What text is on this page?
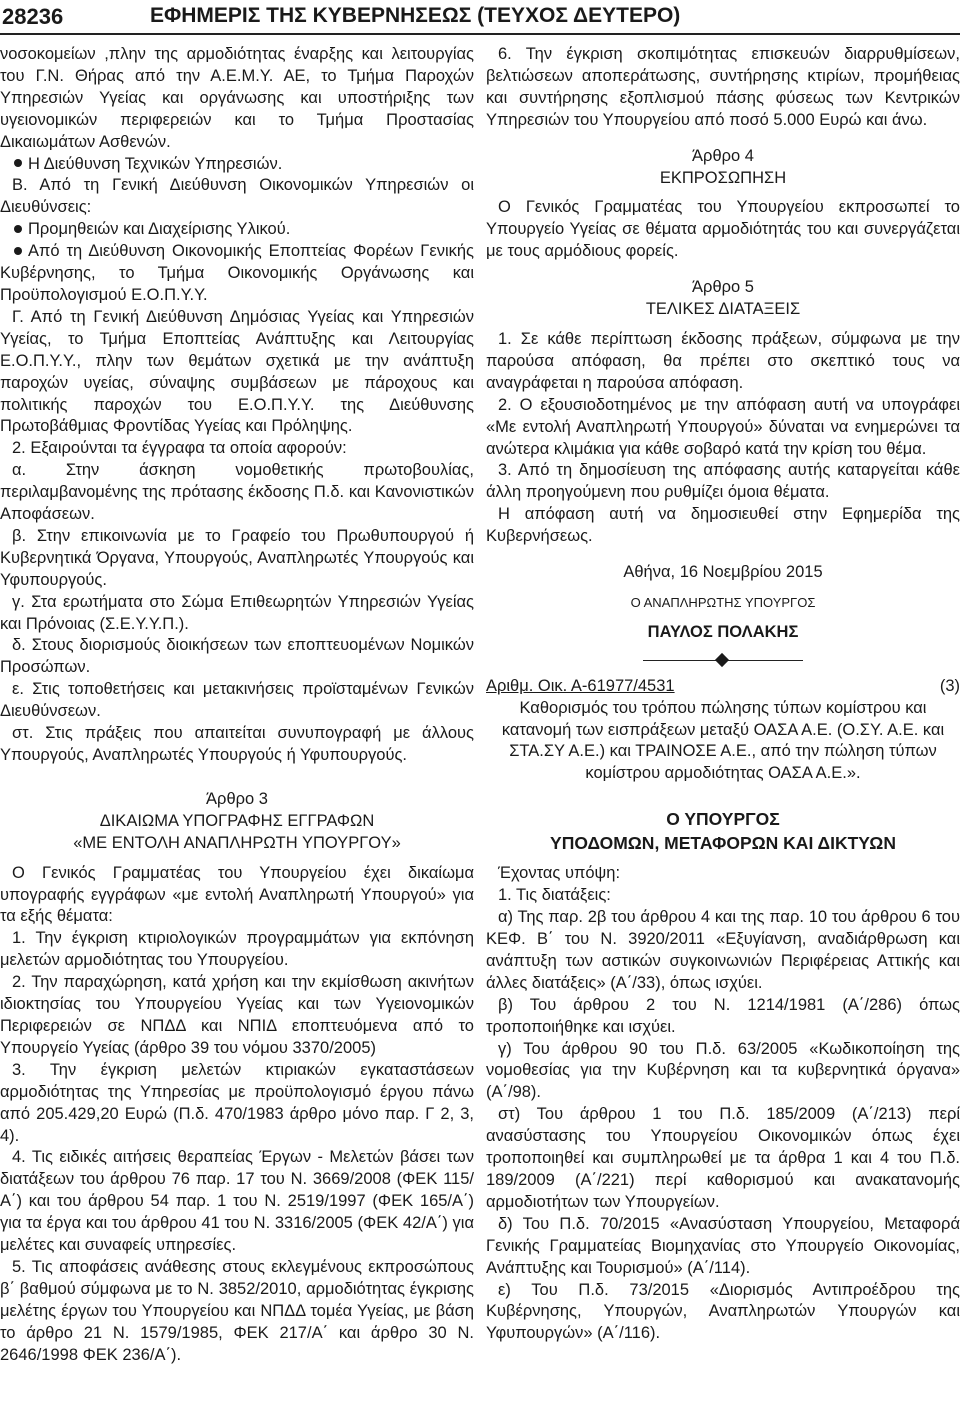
28236	ΕΦΗΜΕΡΙΣ ΤΗΣ ΚΥΒΕΡΝΗΣΕΩΣ (ΤΕΥΧΟΣ ΔΕΥΤΕΡΟ)

νοσοκομείων ,πλην της αρμοδιότητας έναρξης και λειτουργίας του Γ.Ν. Θήρας από την Α.Ε.Μ.Υ. ΑΕ, το Τμήμα Παροχών Υπηρεσιών Υγείας και οργάνωσης και υποστήριξης των υγειονομικών περιφερειών και το Τμήμα Προστασίας Δικαιωμάτων Ασθενών.

Η Διεύθυνση Τεχνικών Υπηρεσιών.

Β. Από τη Γενική Διεύθυνση Οικονομικών Υπηρεσιών οι Διευθύνσεις:

Προμηθειών και Διαχείρισης Υλικού.

Από τη Διεύθυνση Οικονομικής Εποπτείας Φορέων Γενικής Κυβέρνησης, το Τμήμα Οικονομικής Οργάνωσης και Προϋπολογισμού Ε.Ο.Π.Υ.Υ.

Γ. Από τη Γενική Διεύθυνση Δημόσιας Υγείας και Υπηρεσιών Υγείας, το Τμήμα Εποπτείας Ανάπτυξης και Λειτουργίας Ε.Ο.Π.Υ.Υ., πλην των θεμάτων σχετικά με την ανάπτυξη παροχών υγείας, σύναψης συμβάσεων με πάροχους και πολιτικής παροχών του Ε.Ο.Π.Υ.Υ. της Διεύθυνσης Πρωτοβάθμιας Φροντίδας Υγείας και Πρόληψης.

2. Εξαιρούνται τα έγγραφα τα οποία αφορούν:

α. Στην άσκηση νομοθετικής πρωτοβουλίας, περιλαμβανομένης της πρότασης έκδοσης Π.δ. και Κανονιστικών Αποφάσεων.

β. Στην επικοινωνία με το Γραφείο του Πρωθυπουργού ή Κυβερνητικά Όργανα, Υπουργούς, Αναπληρωτές Υπουργούς και Υφυπουργούς.

γ. Στα ερωτήματα στο Σώμα Επιθεωρητών Υπηρεσιών Υγείας και Πρόνοιας (Σ.Ε.Υ.Υ.Π.).

δ. Στους διορισμούς διοικήσεων των εποπτευομένων Νομικών Προσώπων.

ε. Στις τοποθετήσεις και μετακινήσεις προϊσταμένων Γενικών Διευθύνσεων.

στ. Στις πράξεις που απαιτείται συνυπογραφή με άλλους Υπουργούς, Αναπληρωτές Υπουργούς ή Υφυπουργούς.

Άρθρο 3

ΔΙΚΑΙΩΜΑ ΥΠΟΓΡΑΦΗΣ ΕΓΓΡΑΦΩΝ

«ΜΕ ΕΝΤΟΛΗ ΑΝΑΠΛΗΡΩΤΗ ΥΠΟΥΡΓΟΥ»

Ο Γενικός Γραμματέας του Υπουργείου έχει δικαίωμα υπογραφής εγγράφων «με εντολή Αναπληρωτή Υπουργού» για τα εξής θέματα:

1. Την έγκριση κτιριολογικών προγραμμάτων για εκπόνηση μελετών αρμοδιότητας του Υπουργείου.

2. Την παραχώρηση, κατά χρήση και την εκμίσθωση ακινήτων ιδιοκτησίας του Υπουργείου Υγείας και των Υγειονομικών Περιφερειών σε ΝΠΔΔ και ΝΠΙΔ εποπτευόμενα από το Υπουργείο Υγείας (άρθρο 39 του νόμου 3370/2005)

3. Την έγκριση μελετών κτιριακών εγκαταστάσεων αρμοδιότητας της Υπηρεσίας με προϋπολογισμό έργου πάνω από 205.429,20 Ευρώ (Π.δ. 470/1983 άρθρο μόνο παρ. Γ 2, 3, 4).

4. Τις ειδικές αιτήσεις θεραπείας Έργων - Μελετών βάσει των διατάξεων του άρθρου 76 παρ. 17 του Ν. 3669/2008 (ΦΕΚ 115/Α΄) και του άρθρου 54 παρ. 1 του Ν. 2519/1997 (ΦΕΚ 165/Α΄) για τα έργα και του άρθρου 41 του Ν. 3316/2005 (ΦΕΚ 42/Α΄) για μελέτες και συναφείς υπηρεσίες.

5. Τις αποφάσεις ανάθεσης στους εκλεγμένους εκπροσώπους β΄ βαθμού σύμφωνα με το Ν. 3852/2010, αρμοδιότητας έγκρισης μελέτης έργων του Υπουργείου και ΝΠΔΔ τομέα Υγείας, με βάση το άρθρο 21 Ν. 1579/1985, ΦΕΚ 217/Α΄ και άρθρο 30 Ν. 2646/1998 ΦΕΚ 236/Α΄).

6. Την έγκριση σκοπιμότητας επισκευών διαρρυθμίσεων, βελτιώσεων αποπεράτωσης, συντήρησης κτιρίων, προμήθειας και συντήρησης εξοπλισμού πάσης φύσεως των Κεντρικών Υπηρεσιών του Υπουργείου από ποσό 5.000 Ευρώ και άνω.

Άρθρο 4

ΕΚΠΡΟΣΩΠΗΣΗ

Ο Γενικός Γραμματέας του Υπουργείου εκπροσωπεί το Υπουργείο Υγείας σε θέματα αρμοδιότητάς του και συνεργάζεται με τους αρμόδιους φορείς.

Άρθρο 5

ΤΕΛΙΚΕΣ ΔΙΑΤΑΞΕΙΣ

1. Σε κάθε περίπτωση έκδοσης πράξεων, σύμφωνα με την παρούσα απόφαση, θα πρέπει στο σκεπτικό τους να αναγράφεται η παρούσα απόφαση.

2. Ο εξουσιοδοτημένος με την απόφαση αυτή να υπογράφει «Με εντολή Αναπληρωτή Υπουργού» δύναται να ενημερώνει τα ανώτερα κλιμάκια για κάθε σοβαρό κατά την κρίση του θέμα.

3. Από τη δημοσίευση της απόφασης αυτής καταργείται κάθε άλλη προηγούμενη που ρυθμίζει όμοια θέματα.

Η απόφαση αυτή να δημοσιευθεί στην Εφημερίδα της Κυβερνήσεως.

Αθήνα, 16 Νοεμβρίου 2015

Ο ΑΝΑΠΛΗΡΩΤΗΣ ΥΠΟΥΡΓΟΣ

ΠΑΥΛΟΣ ΠΟΛΑΚΗΣ

Αριθμ. Οικ. Α-61977/4531	(3)

Καθορισμός του τρόπου πώλησης τύπων κομίστρου και κατανομή των εισπράξεων μεταξύ ΟΑΣΑ Α.Ε. (Ο.ΣΥ. Α.Ε. και ΣΤΑ.ΣΥ Α.Ε.) και ΤΡΑΙΝΟΣΕ Α.Ε., από την πώληση τύπων κομίστρου αρμοδιότητας ΟΑΣΑ Α.Ε.».

Ο ΥΠΟΥΡΓΟΣ

ΥΠΟΔΟΜΩΝ, ΜΕΤΑΦΟΡΩΝ ΚΑΙ ΔΙΚΤΥΩΝ

Έχοντας υπόψη:

1. Τις διατάξεις:

α) Της παρ. 2β του άρθρου 4 και της παρ. 10 του άρθρου 6 του ΚΕΦ. Β΄ του Ν. 3920/2011 «Εξυγίανση, αναδιάρθρωση και ανάπτυξη των αστικών συγκοινωνιών Περιφέρειας Αττικής και άλλες διατάξεις» (Α΄/33), όπως ισχύει.

β) Του άρθρου 2 του Ν. 1214/1981 (Α΄/286) όπως τροποποιήθηκε και ισχύει.

γ) Του άρθρου 90 του Π.δ. 63/2005 «Κωδικοποίηση της νομοθεσίας για την Κυβέρνηση και τα κυβερνητικά όργανα» (Α΄/98).

στ) Του άρθρου 1 του Π.δ. 185/2009 (Α΄/213) περί ανασύστασης του Υπουργείου Οικονομικών όπως έχει τροποποιηθεί και συμπληρωθεί με τα άρθρα 1 και 4 του Π.δ. 189/2009 (Α΄/221) περί καθορισμού και ανακατανομής αρμοδιοτήτων των Υπουργείων.

δ) Του Π.δ. 70/2015 «Ανασύσταση Υπουργείου, Μεταφορά Γενικής Γραμματείας Βιομηχανίας στο Υπουργείο Οικονομίας, Ανάπτυξης και Τουρισμού» (Α΄/114).

ε) Του Π.δ. 73/2015 «Διορισμός Αντιπροέδρου της Κυβέρνησης, Υπουργών, Αναπληρωτών Υπουργών και Υφυπουργών» (Α΄/116).
